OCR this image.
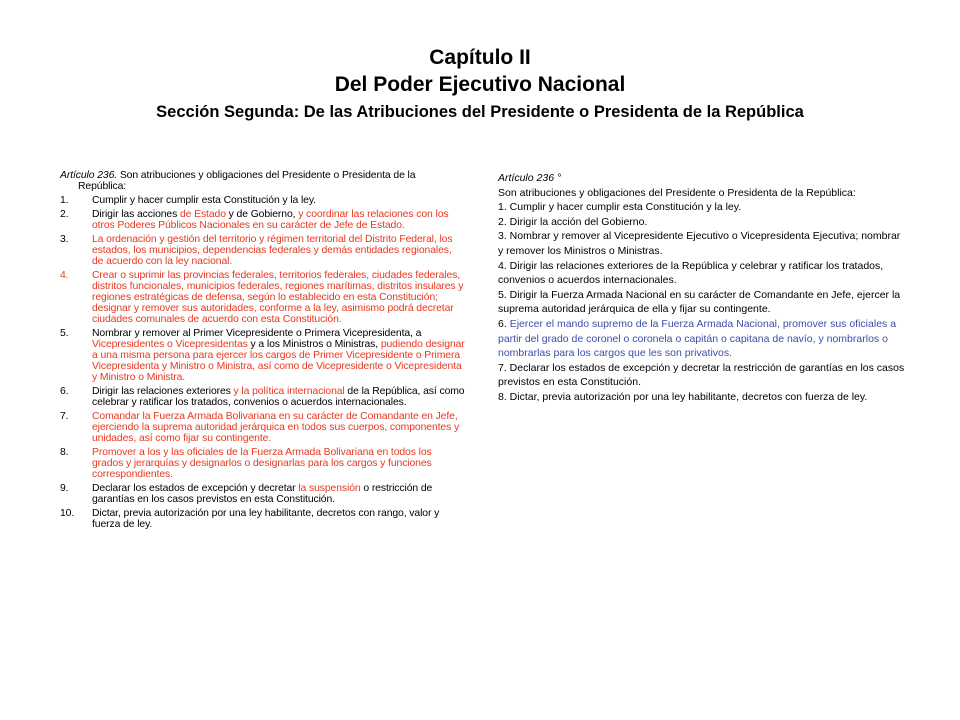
Capítulo II
Del Poder Ejecutivo Nacional
Sección Segunda: De las Atribuciones del Presidente o Presidenta de la República
Artículo 236. Son atribuciones y obligaciones del Presidente o Presidenta de la República:
1.	Cumplir y hacer cumplir esta Constitución y la ley.
2.	Dirigir las acciones de Estado y de Gobierno, y coordinar las relaciones con los otros Poderes Públicos Nacionales en su carácter de Jefe de Estado.
3.	La ordenación y gestión del territorio y régimen territorial del Distrito Federal, los estados, los municipios, dependencias federales y demás entidades regionales, de acuerdo con la ley nacional.
4.	Crear o suprimir las provincias federales, territorios federales, ciudades federales, distritos funcionales, municipios federales, regiones marítimas, distritos insulares y regiones estratégicas de defensa, según lo establecido en esta Constitución; designar y remover sus autoridades, conforme a la ley, asimismo podrá decretar ciudades comunales de acuerdo con esta Constitución.
5.	Nombrar y remover al Primer Vicepresidente o Primera Vicepresidenta, a Vicepresidentes o Vicepresidentas y a los Ministros o Ministras, pudiendo designar a una misma persona para ejercer los cargos de Primer Vicepresidente o Primera Vicepresidenta y Ministro o Ministra, así como de Vicepresidente o Vicepresidenta y Ministro o Ministra.
6.	Dirigir las relaciones exteriores y la política internacional de la República, así como celebrar y ratificar los tratados, convenios o acuerdos internacionales.
7.	Comandar la Fuerza Armada Bolivariana en su carácter de Comandante en Jefe, ejerciendo la suprema autoridad jerárquica en todos sus cuerpos, componentes y unidades, así como fijar su contingente.
8.	Promover a los y las oficiales de la Fuerza Armada Bolivariana en todos los grados y jerarquías y designarlos o designarlas para los cargos y funciones correspondientes.
9.	Declarar los estados de excepción y decretar la suspensión o restricción de garantías en los casos previstos en esta Constitución.
10.	Dictar, previa autorización por una ley habilitante, decretos con rango, valor y fuerza de ley.

Artículo 236 °

Son atribuciones y obligaciones del Presidente o Presidenta de la República:

1. Cumplir y hacer cumplir esta Constitución y la ley.

2. Dirigir la acción del Gobierno.

3. Nombrar y remover al Vicepresidente Ejecutivo o Vicepresidenta Ejecutiva; nombrar y remover los Ministros o Ministras.

4. Dirigir las relaciones exteriores de la República y celebrar y ratificar los tratados, convenios o acuerdos internacionales.

5. Dirigir la Fuerza Armada Nacional en su carácter de Comandante en Jefe, ejercer la suprema autoridad jerárquica de ella y fijar su contingente.

6. Ejercer el mando supremo de la Fuerza Armada Nacional, promover sus oficiales a partir del grado de coronel o coronela o capitán o capitana de navío, y nombrarlos o nombrarlas para los cargos que les son privativos.

7. Declarar los estados de excepción y decretar la restricción de garantías en los casos previstos en esta Constitución.

8. Dictar, previa autorización por una ley habilitante, decretos con fuerza de ley.
